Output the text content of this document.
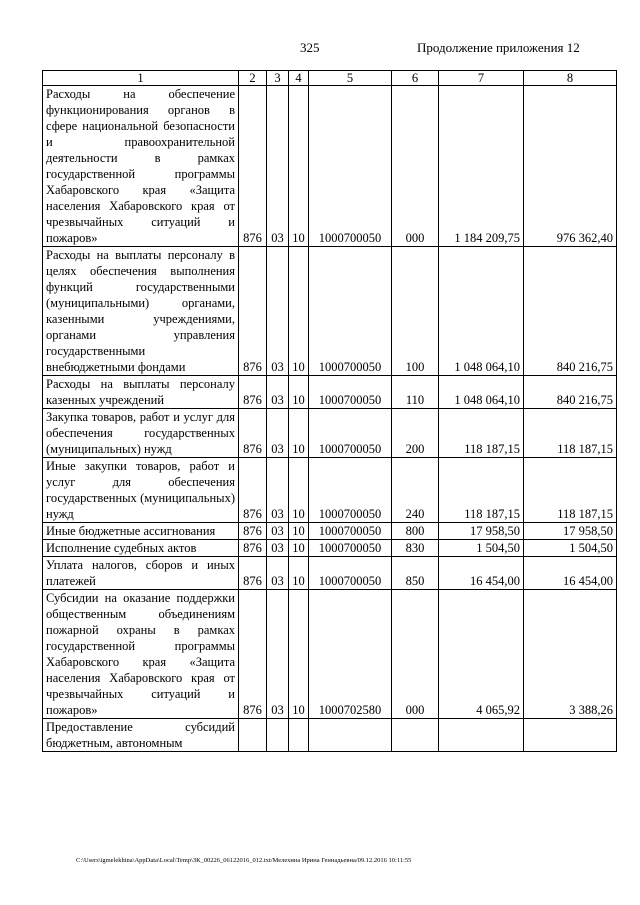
325	Продолжение приложения 12
1	2	3	4	5	6	7	8
Расходы на обеспечение функционирования органов в сфере национальной безопасности и правоохранительной деятельности в рамках государственной программы Хабаровского края «Защита населения Хабаровского края от чрезвычайных ситуаций и пожаров»	876	03	10	1000700050	000	1 184 209,75	976 362,40
Расходы на выплаты персоналу в целях обеспечения выполнения функций государственными (муниципальными) органами, казенными учреждениями, органами управления государственными внебюджетными фондами	876	03	10	1000700050	100	1 048 064,10	840 216,75
Расходы на выплаты персоналу казенных учреждений	876	03	10	1000700050	110	1 048 064,10	840 216,75
Закупка товаров, работ и услуг для обеспечения государственных (муниципальных) нужд	876	03	10	1000700050	200	118 187,15	118 187,15
Иные закупки товаров, работ и услуг для обеспечения государственных (муниципальных) нужд	876	03	10	1000700050	240	118 187,15	118 187,15
Иные бюджетные ассигнования	876	03	10	1000700050	800	17 958,50	17 958,50
Исполнение судебных актов	876	03	10	1000700050	830	1 504,50	1 504,50
Уплата налогов, сборов и иных платежей	876	03	10	1000700050	850	16 454,00	16 454,00
Субсидии на оказание поддержки общественным объединениям пожарной охраны в рамках государственной программы Хабаровского края «Защита населения Хабаровского края от чрезвычайных ситуаций и пожаров»	876	03	10	1000702580	000	4 065,92	3 388,26
Предоставление субсидий бюджетным, автономным							
C:\Users\igmelekhina\AppData\Local\Temp\ЗК_00226_06122016_012.txt/Мелехина Ирина Геннадьевна/09.12.2016 10:11:55
